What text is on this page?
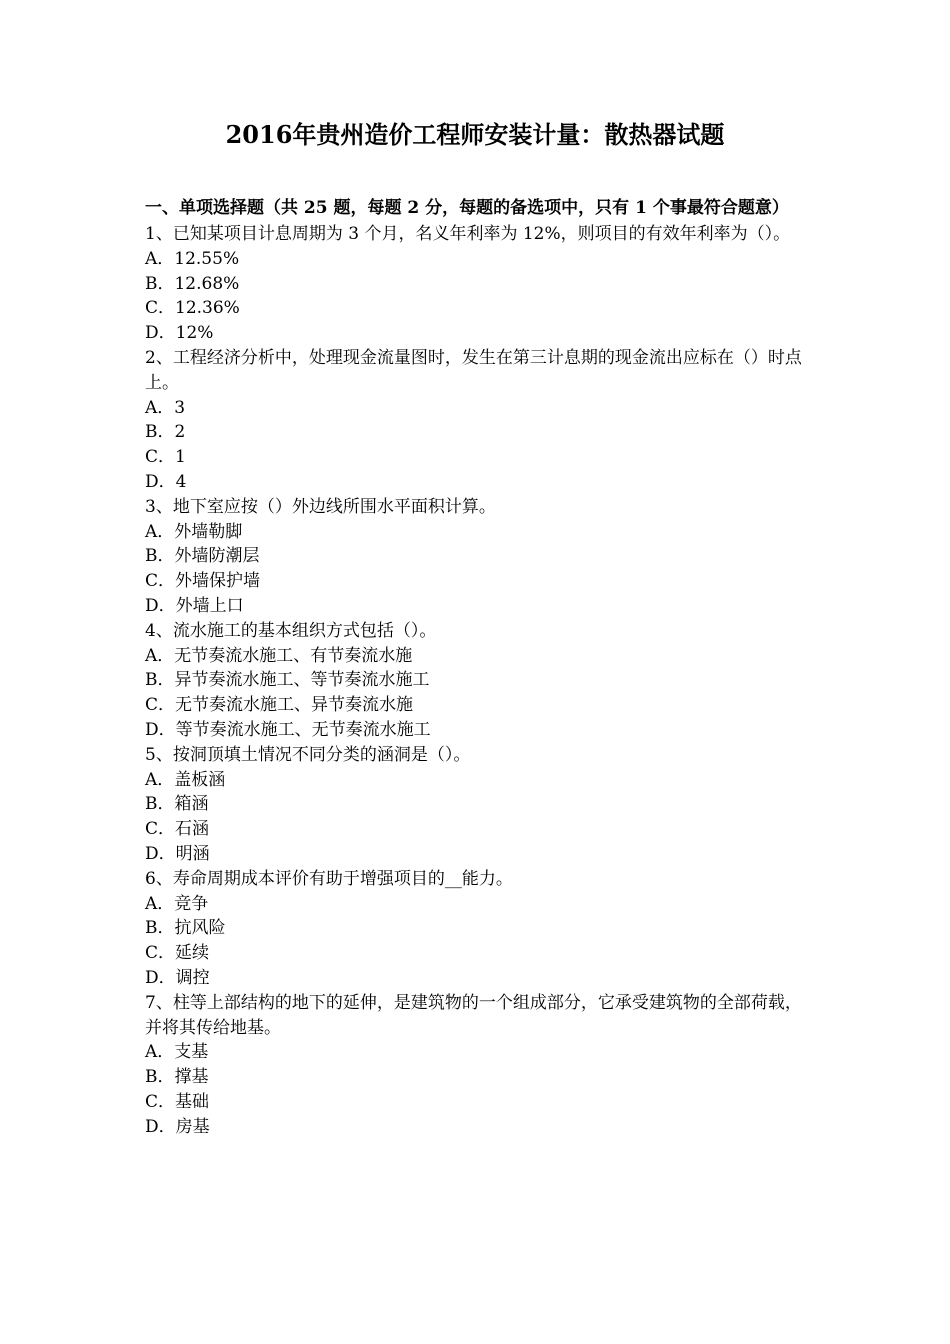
2016年贵州造价工程师安装计量：散热器试题

一、单项选择题（共 25 题，每题 2 分，每题的备选项中，只有 1 个事最符合题意）

1、已知某项目计息周期为 3 个月，名义年利率为 12%，则项目的有效年利率为（）。

A．12.55%

B．12.68%

C．12.36%

D．12%

2、工程经济分析中，处理现金流量图时，发生在第三计息期的现金流出应标在（）时点上。

A．3

B．2

C．1

D．4

3、地下室应按（）外边线所围水平面积计算。

A．外墙勒脚

B．外墙防潮层

C．外墙保护墙

D．外墙上口

4、流水施工的基本组织方式包括（）。

A．无节奏流水施工、有节奏流水施

B．异节奏流水施工、等节奏流水施工

C．无节奏流水施工、异节奏流水施

D．等节奏流水施工、无节奏流水施工

5、按洞顶填土情况不同分类的涵洞是（）。

A．盖板涵

B．箱涵

C．石涵

D．明涵

6、寿命周期成本评价有助于增强项目的__能力。

A．竞争

B．抗风险

C．延续

D．调控

7、柱等上部结构的地下的延伸，是建筑物的一个组成部分，它承受建筑物的全部荷载，并将其传给地基。

A．支基

B．撑基

C．基础

D．房基
